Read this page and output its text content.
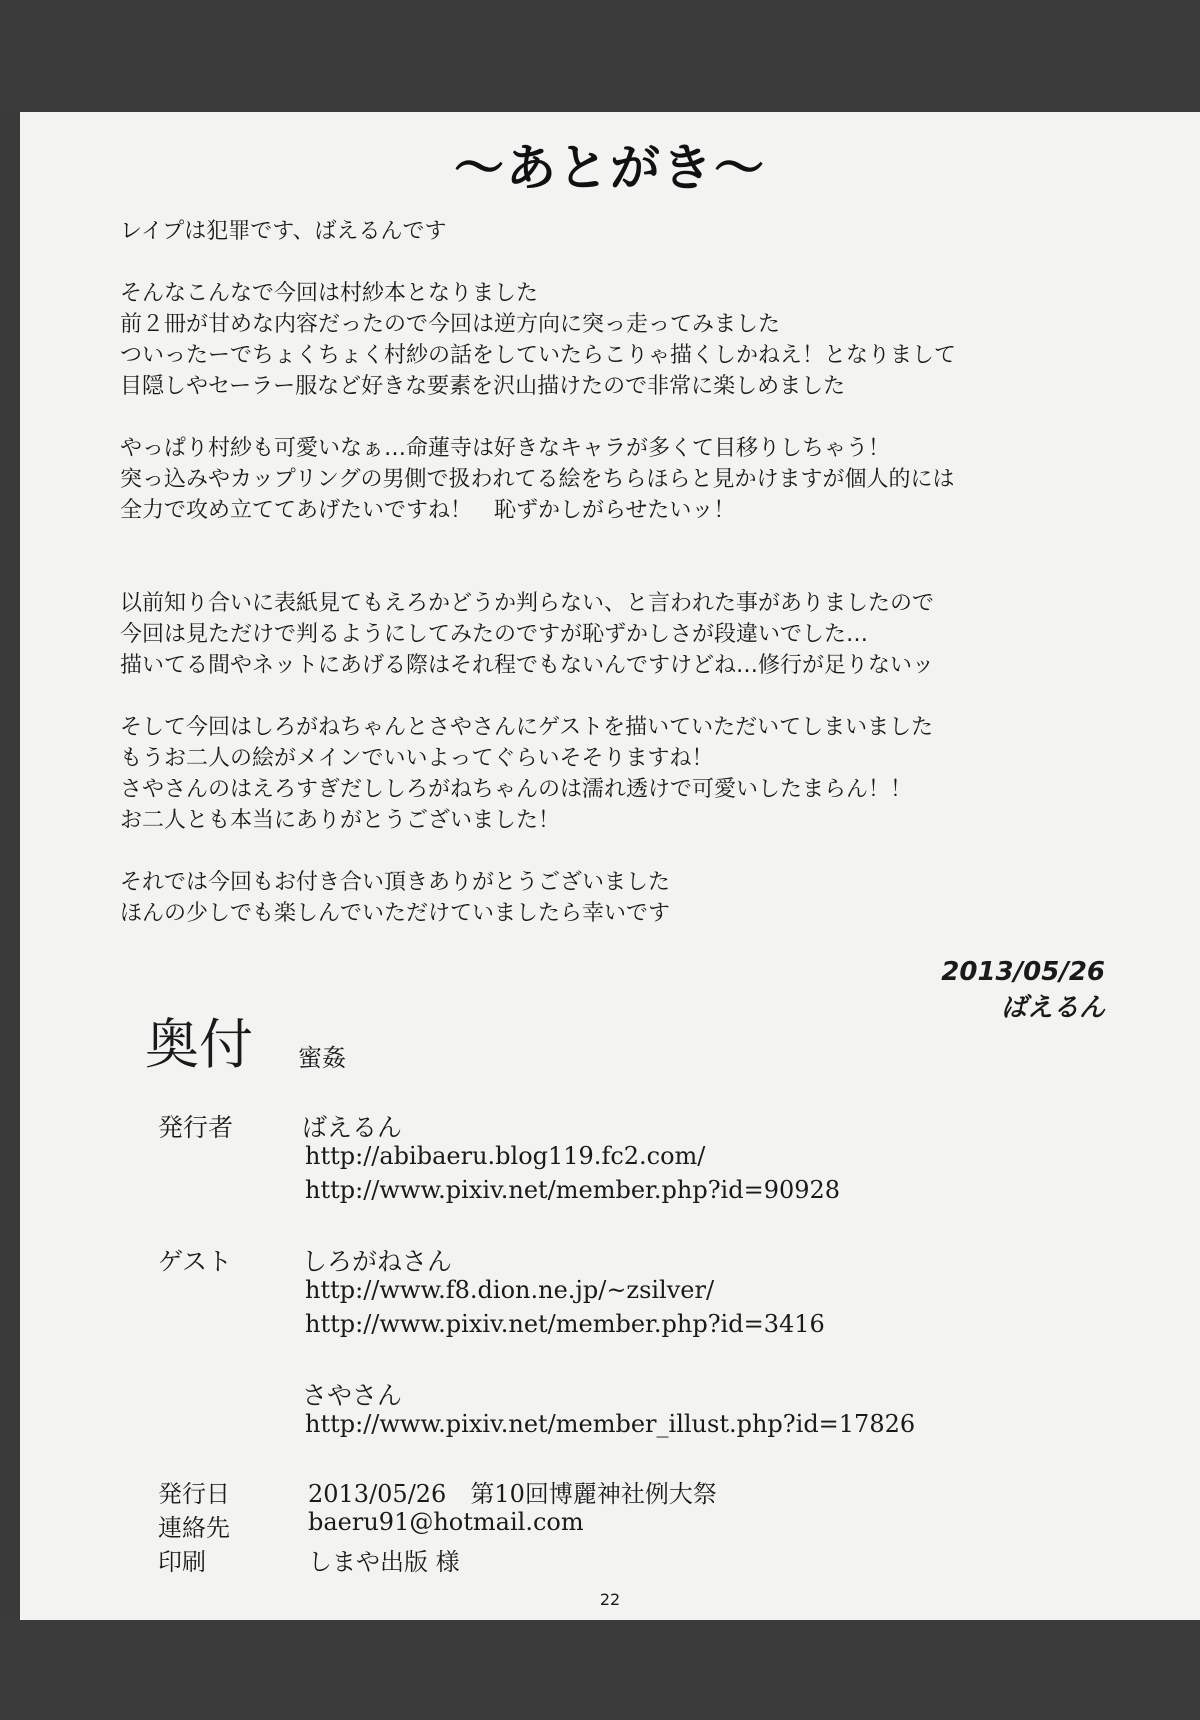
〜あとがき〜

レイプは犯罪です、ばえるんです

そんなこんなで今回は村紗本となりました
前２冊が甘めな内容だったので今回は逆方向に突っ走ってみました
ついったーでちょくちょく村紗の話をしていたらこりゃ描くしかねえ！となりまして
目隠しやセーラー服など好きな要素を沢山描けたので非常に楽しめました

やっぱり村紗も可愛いなぁ…命蓮寺は好きなキャラが多くて目移りしちゃう！
突っ込みやカップリングの男側で扱われてる絵をちらほらと見かけますが個人的には
全力で攻め立ててあげたいですね！　恥ずかしがらせたいッ！

以前知り合いに表紙見てもえろかどうか判らない、と言われた事がありましたので
今回は見ただけで判るようにしてみたのですが恥ずかしさが段違いでした…
描いてる間やネットにあげる際はそれ程でもないんですけどね…修行が足りないッ

そして今回はしろがねちゃんとさやさんにゲストを描いていただいてしまいました
もうお二人の絵がメインでいいよってぐらいそそりますね！
さやさんのはえろすぎだししろがねちゃんのは濡れ透けで可愛いしたまらん！！
お二人とも本当にありがとうございました！

それでは今回もお付き合い頂きありがとうございました
ほんの少しでも楽しんでいただけていましたら幸いです

2013/05/26
ばえるん
奥付 蜜姦
発行者	ばえるん
http://abibaeru.blog119.fc2.com/
http://www.pixiv.net/member.php?id=90928
ゲスト	しろがねさん
http://www.f8.dion.ne.jp/~zsilver/
http://www.pixiv.net/member.php?id=3416
さやさん
http://www.pixiv.net/member_illust.php?id=17826
発行日	2013/05/26　第10回博麗神社例大祭
連絡先	baeru91@hotmail.com
印刷	しまや出版 様
22
